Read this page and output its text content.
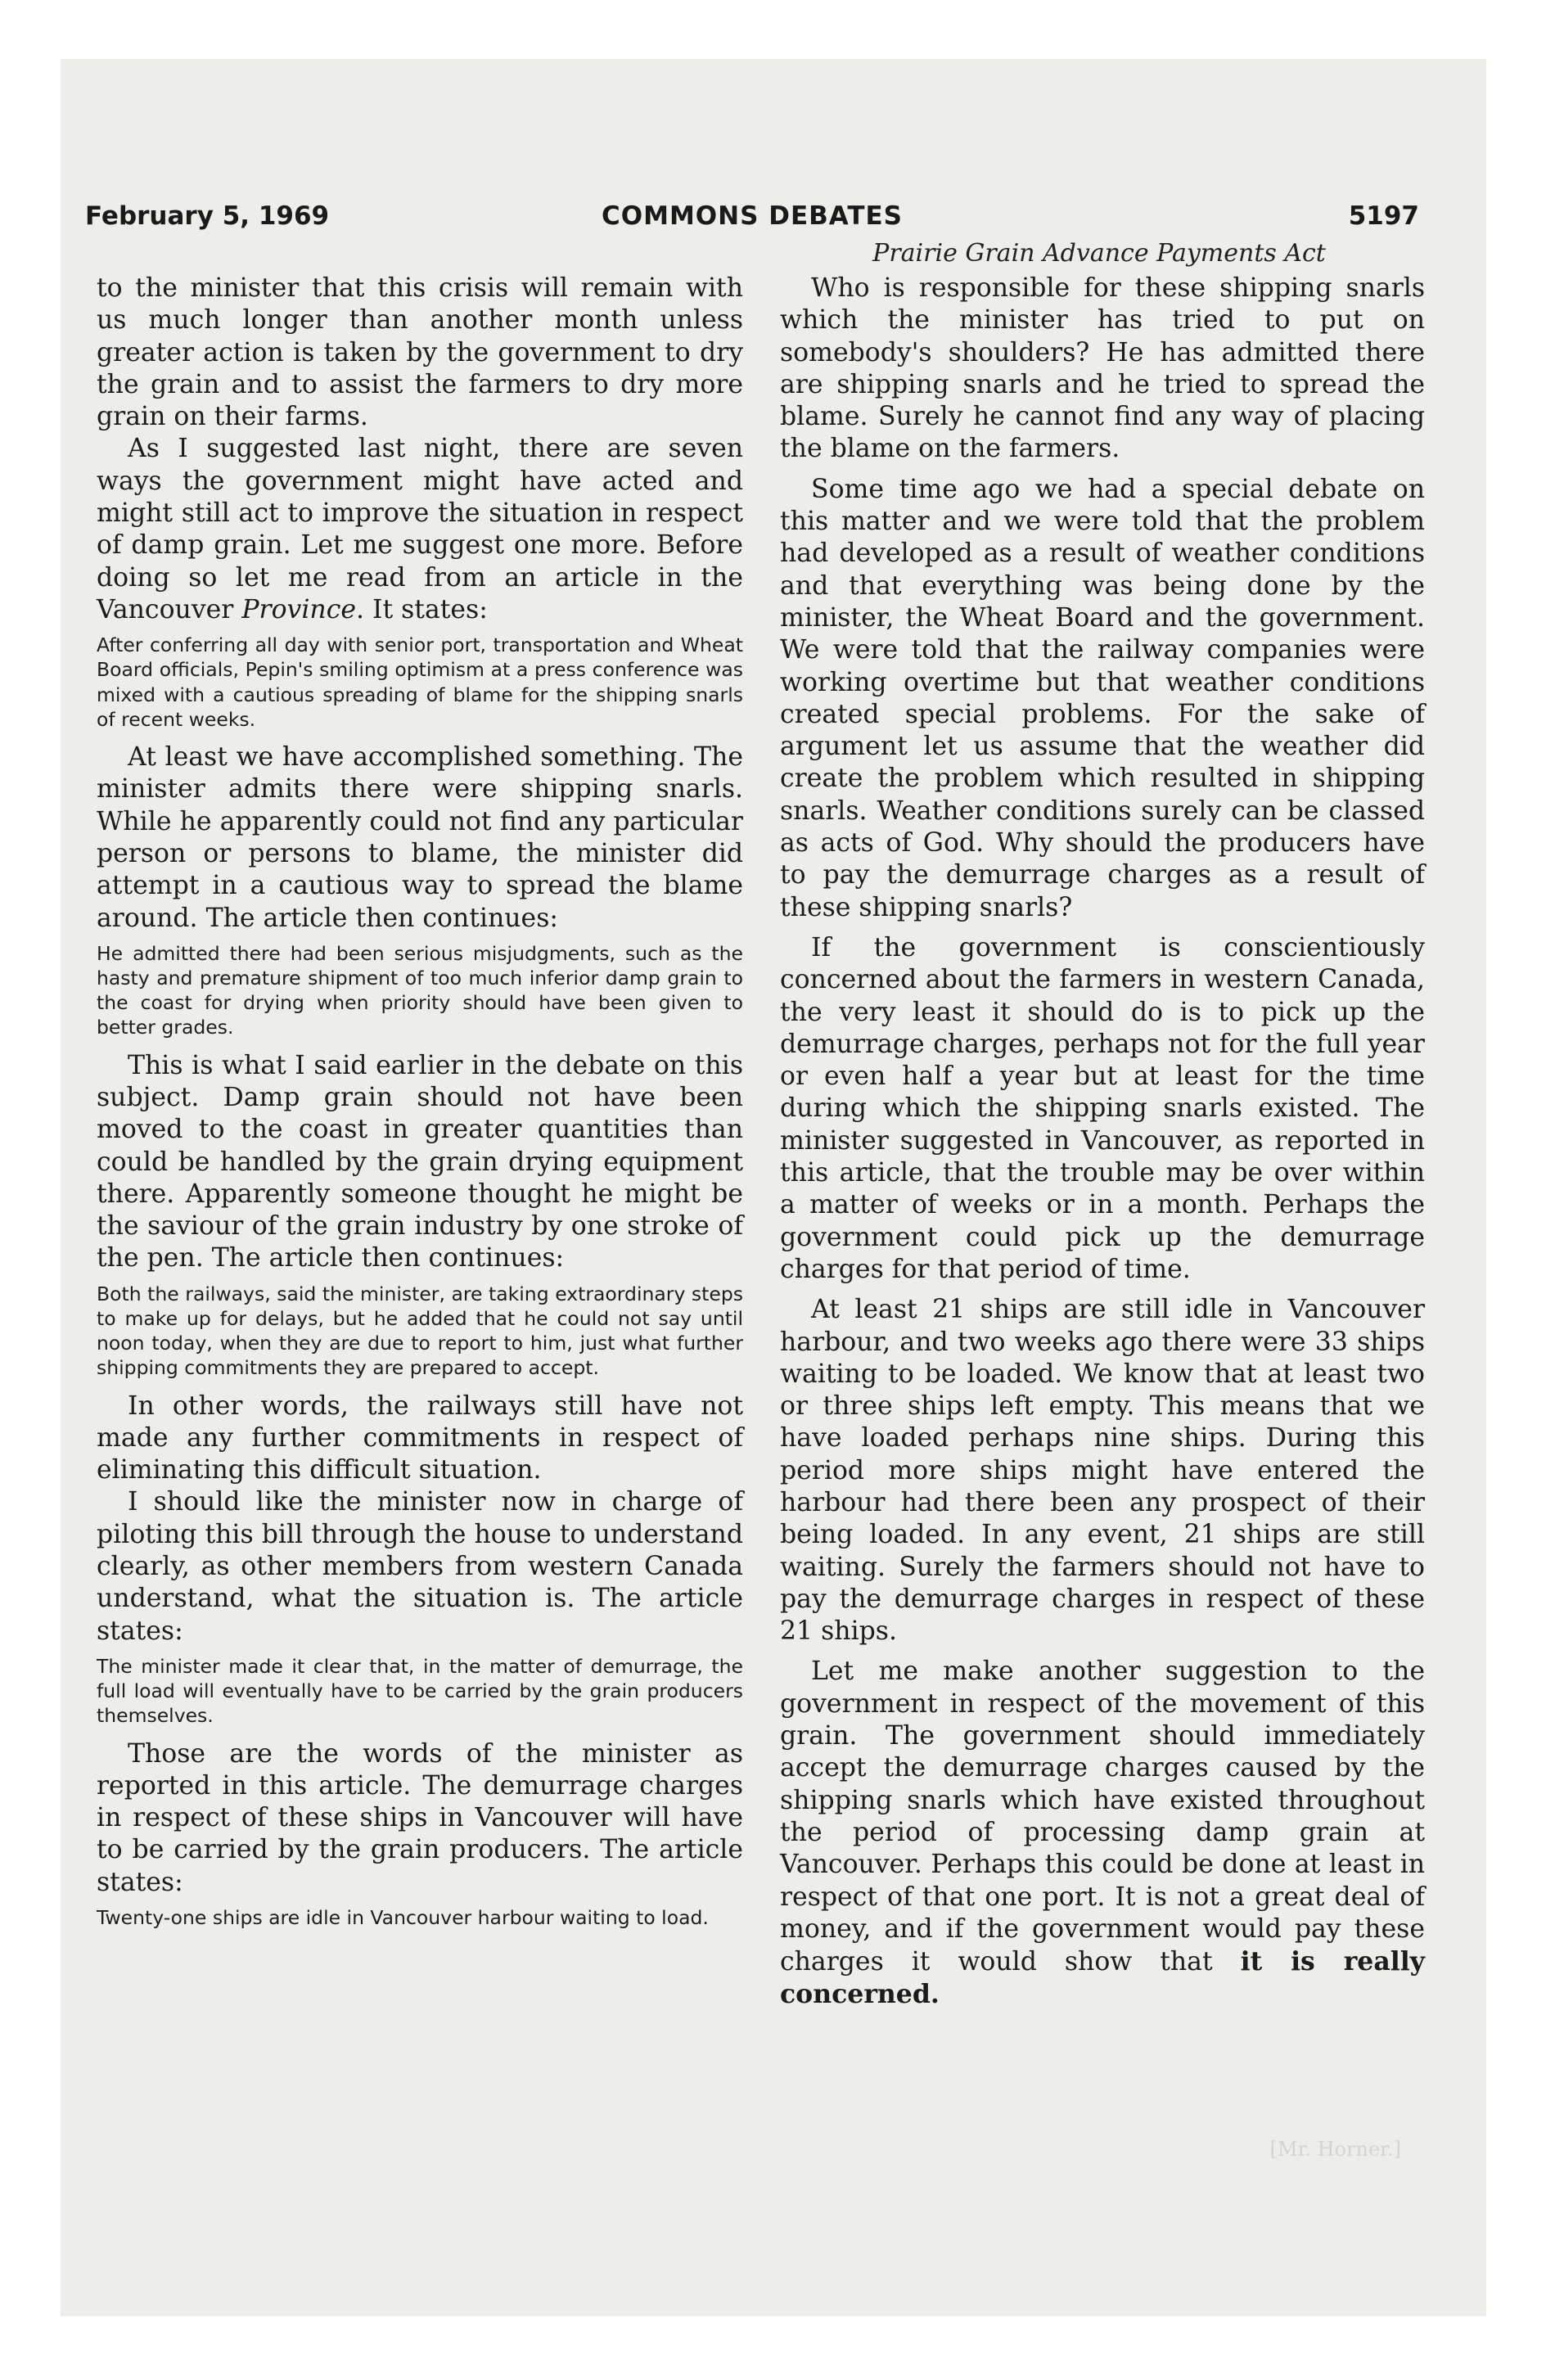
February 5, 1969	COMMONS DEBATES	5197
Prairie Grain Advance Payments Act

to the minister that this crisis will remain with us much longer than another month unless greater action is taken by the government to dry the grain and to assist the farmers to dry more grain on their farms.

As I suggested last night, there are seven ways the government might have acted and might still act to improve the situation in respect of damp grain. Let me suggest one more. Before doing so let me read from an article in the Vancouver Province. It states:

After conferring all day with senior port, transportation and Wheat Board officials, Pepin's smiling optimism at a press conference was mixed with a cautious spreading of blame for the shipping snarls of recent weeks.

At least we have accomplished something. The minister admits there were shipping snarls. While he apparently could not find any particular person or persons to blame, the minister did attempt in a cautious way to spread the blame around. The article then continues:

He admitted there had been serious misjudgments, such as the hasty and premature shipment of too much inferior damp grain to the coast for drying when priority should have been given to better grades.

This is what I said earlier in the debate on this subject. Damp grain should not have been moved to the coast in greater quantities than could be handled by the grain drying equipment there. Apparently someone thought he might be the saviour of the grain industry by one stroke of the pen. The article then continues:

Both the railways, said the minister, are taking extraordinary steps to make up for delays, but he added that he could not say until noon today, when they are due to report to him, just what further shipping commitments they are prepared to accept.

In other words, the railways still have not made any further commitments in respect of eliminating this difficult situation.

I should like the minister now in charge of piloting this bill through the house to understand clearly, as other members from western Canada understand, what the situation is. The article states:

The minister made it clear that, in the matter of demurrage, the full load will eventually have to be carried by the grain producers themselves.

Those are the words of the minister as reported in this article. The demurrage charges in respect of these ships in Vancouver will have to be carried by the grain producers. The article states:

Twenty-one ships are idle in Vancouver harbour waiting to load.

Who is responsible for these shipping snarls which the minister has tried to put on somebody's shoulders? He has admitted there are shipping snarls and he tried to spread the blame. Surely he cannot find any way of placing the blame on the farmers.

Some time ago we had a special debate on this matter and we were told that the problem had developed as a result of weather conditions and that everything was being done by the minister, the Wheat Board and the government. We were told that the railway companies were working overtime but that weather conditions created special problems. For the sake of argument let us assume that the weather did create the problem which resulted in shipping snarls. Weather conditions surely can be classed as acts of God. Why should the producers have to pay the demurrage charges as a result of these shipping snarls?

If the government is conscientiously concerned about the farmers in western Canada, the very least it should do is to pick up the demurrage charges, perhaps not for the full year or even half a year but at least for the time during which the shipping snarls existed. The minister suggested in Vancouver, as reported in this article, that the trouble may be over within a matter of weeks or in a month. Perhaps the government could pick up the demurrage charges for that period of time.

At least 21 ships are still idle in Vancouver harbour, and two weeks ago there were 33 ships waiting to be loaded. We know that at least two or three ships left empty. This means that we have loaded perhaps nine ships. During this period more ships might have entered the harbour had there been any prospect of their being loaded. In any event, 21 ships are still waiting. Surely the farmers should not have to pay the demurrage charges in respect of these 21 ships.

Let me make another suggestion to the government in respect of the movement of this grain. The government should immediately accept the demurrage charges caused by the shipping snarls which have existed throughout the period of processing damp grain at Vancouver. Perhaps this could be done at least in respect of that one port. It is not a great deal of money, and if the government would pay these charges it would show that it is really concerned.

[Mr. Horner.]
